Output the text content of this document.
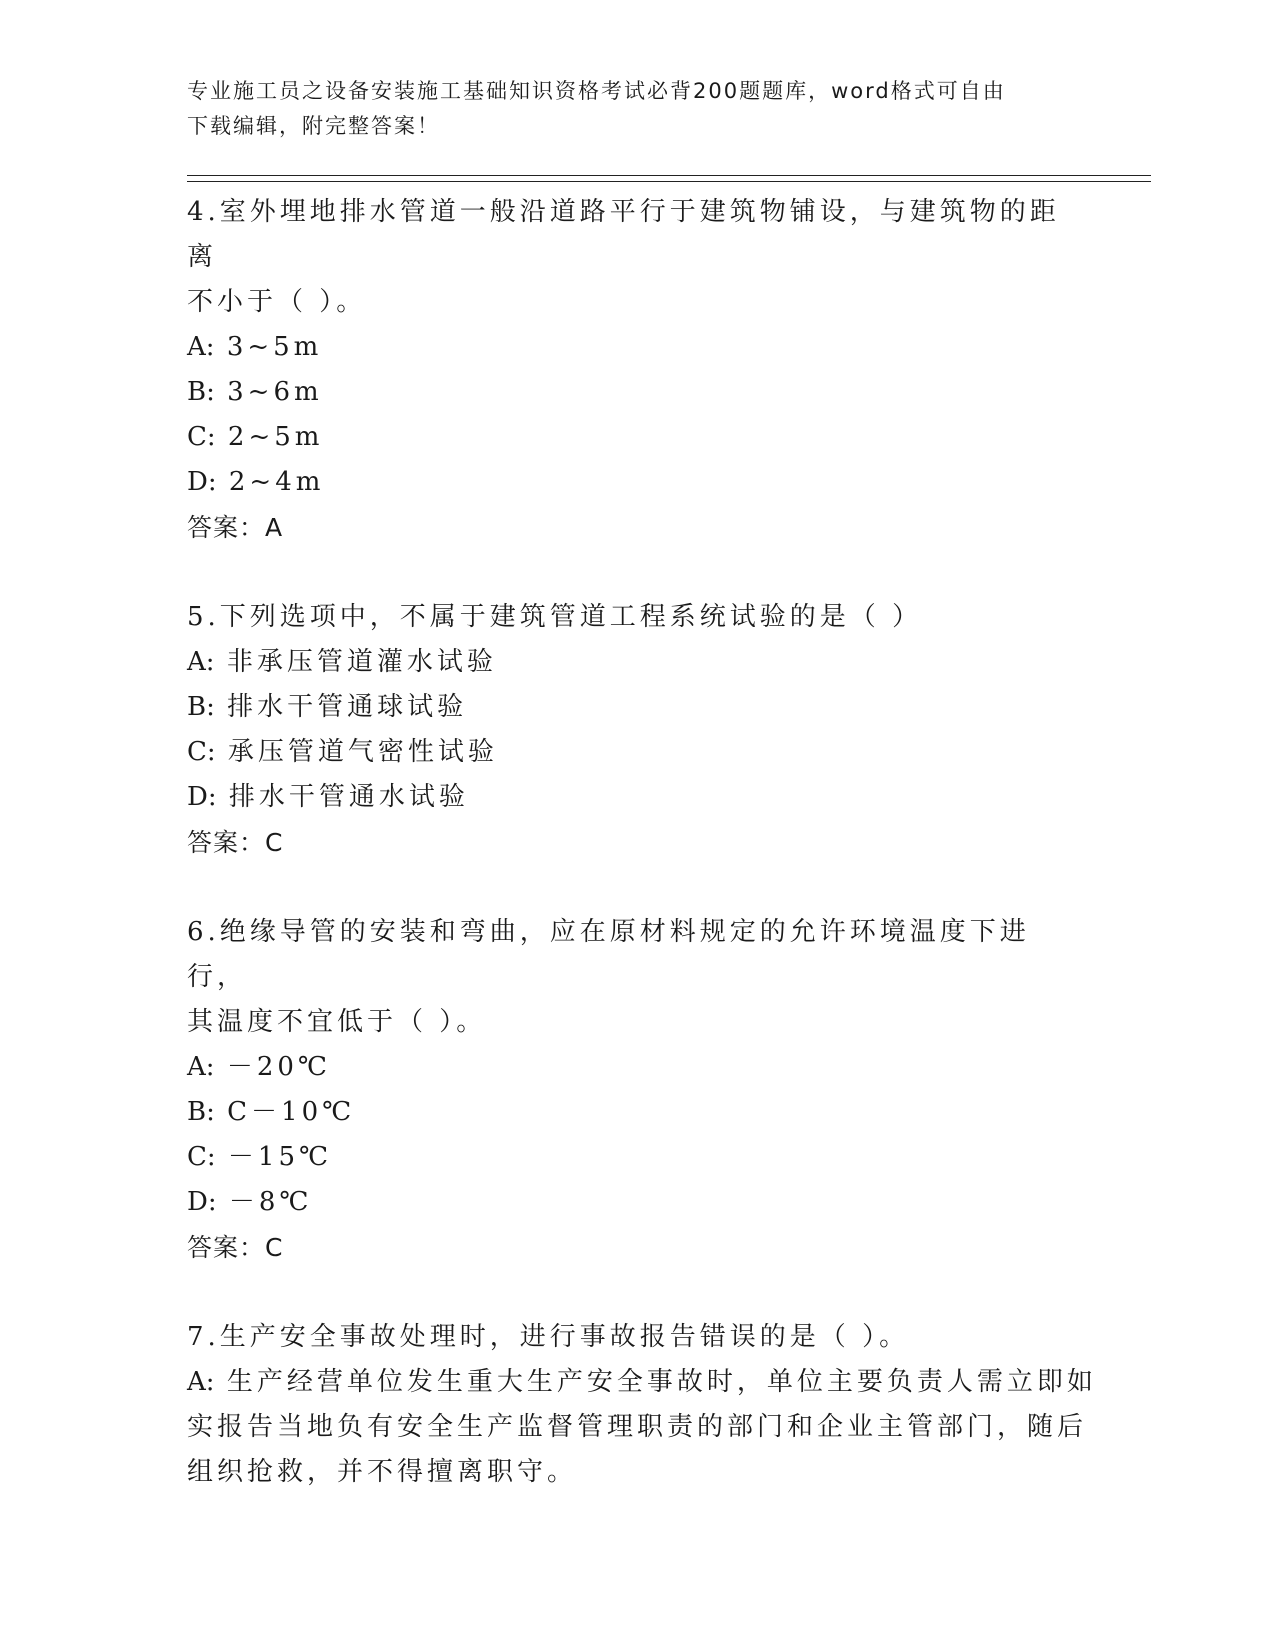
专业施工员之设备安装施工基础知识资格考试必背200题题库，word格式可自由
下载编辑，附完整答案！
4.室外埋地排水管道一般沿道路平行于建筑物铺设，与建筑物的距离
不小于（ ）。
A: 3~5m
B: 3~6m
C: 2~5m
D: 2~4m
答案：A
5.下列选项中，不属于建筑管道工程系统试验的是（ ）
A: 非承压管道灌水试验
B: 排水干管通球试验
C: 承压管道气密性试验
D: 排水干管通水试验
答案：C
6.绝缘导管的安装和弯曲，应在原材料规定的允许环境温度下进行，
其温度不宜低于（ ）。
A: －20℃
B: C－10℃
C: －15℃
D: －8℃
答案：C
7.生产安全事故处理时，进行事故报告错误的是（ ）。
A: 生产经营单位发生重大生产安全事故时，单位主要负责人需立即如
实报告当地负有安全生产监督管理职责的部门和企业主管部门，随后
组织抢救，并不得擅离职守。
